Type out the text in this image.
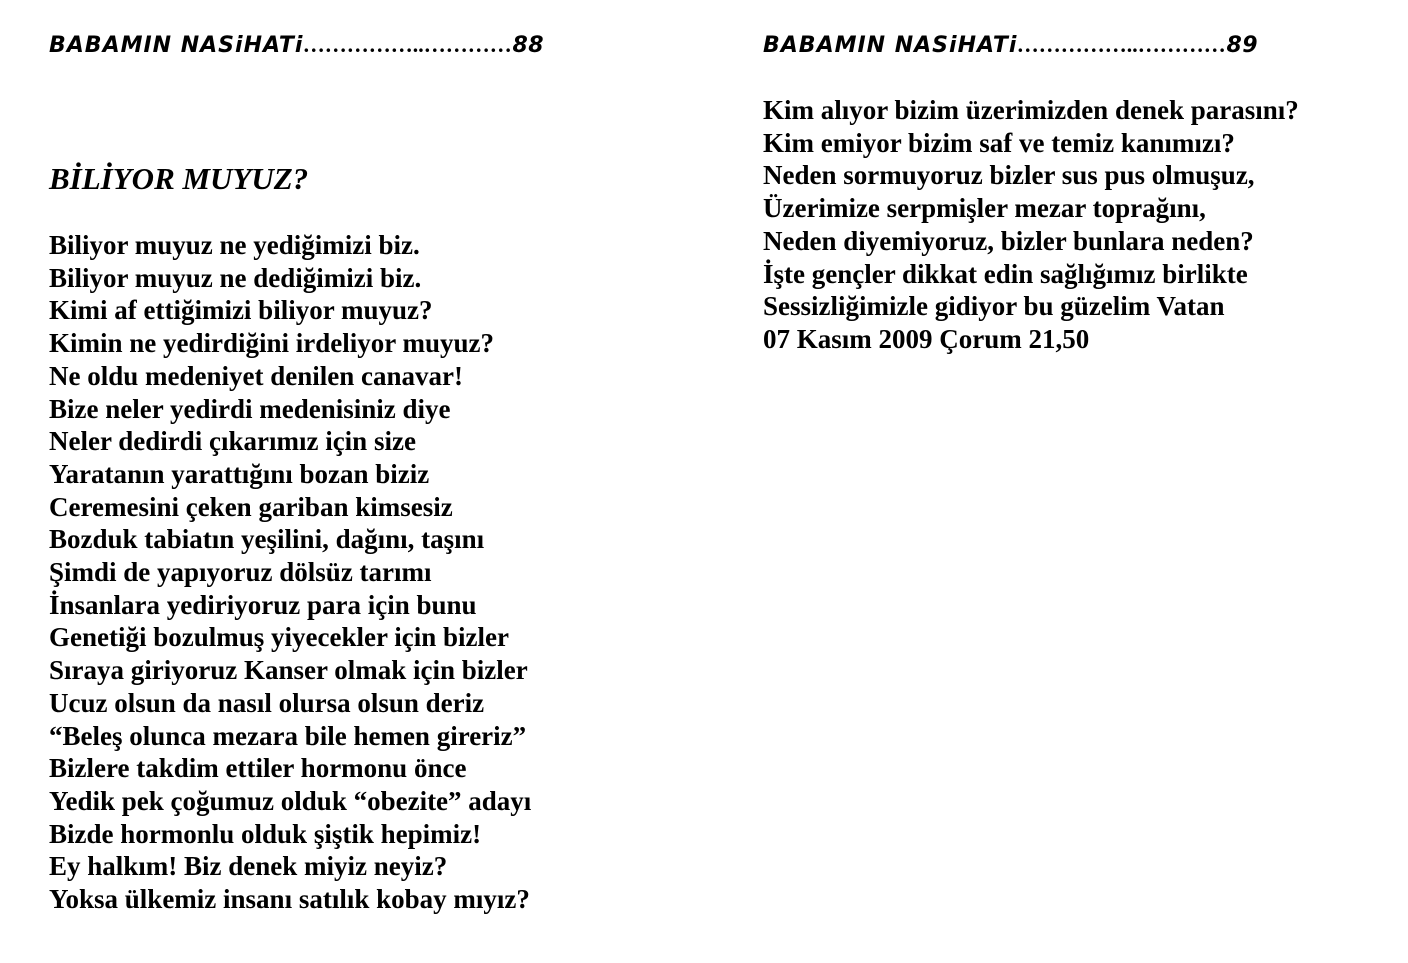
BABAMIN NASiHATi……………..…………88
BİLİYOR MUYUZ?
Biliyor muyuz ne yediğimizi biz.
Biliyor muyuz ne dediğimizi biz.
Kimi af ettiğimizi biliyor muyuz?
Kimin ne yedirdiğini irdeliyor muyuz?
Ne oldu medeniyet denilen canavar!
Bize neler yedirdi medenisiniz diye
Neler dedirdi çıkarımız için size
Yaratanın yarattığını bozan biziz
Ceremesini çeken gariban kimsesiz
Bozduk tabiatın yeşilini, dağını, taşını
Şimdi de yapıyoruz dölsüz tarımı
İnsanlara yediriyoruz para için bunu
Genetiği bozulmuş yiyecekler için bizler
Sıraya giriyoruz Kanser olmak için bizler
Ucuz olsun da nasıl olursa olsun deriz
“Beleş olunca mezara bile hemen gireriz”
Bizlere takdim ettiler hormonu önce
Yedik pek çoğumuz olduk “obezite” adayı
Bizde hormonlu olduk şiştik hepimiz!
Ey halkım! Biz denek miyiz neyiz?
Yoksa ülkemiz insanı satılık kobay mıyız?
BABAMIN NASiHATi……………..…………89
Kim alıyor bizim üzerimizden denek parasını?
Kim emiyor bizim saf ve temiz kanımızı?
Neden sormuyoruz bizler sus pus olmuşuz,
Üzerimize serpmişler mezar toprağını,
Neden diyemiyoruz, bizler bunlara neden?
İşte gençler dikkat edin sağlığımız birlikte
Sessizliğimizle gidiyor bu güzelim Vatan
07 Kasım 2009 Çorum 21,50
